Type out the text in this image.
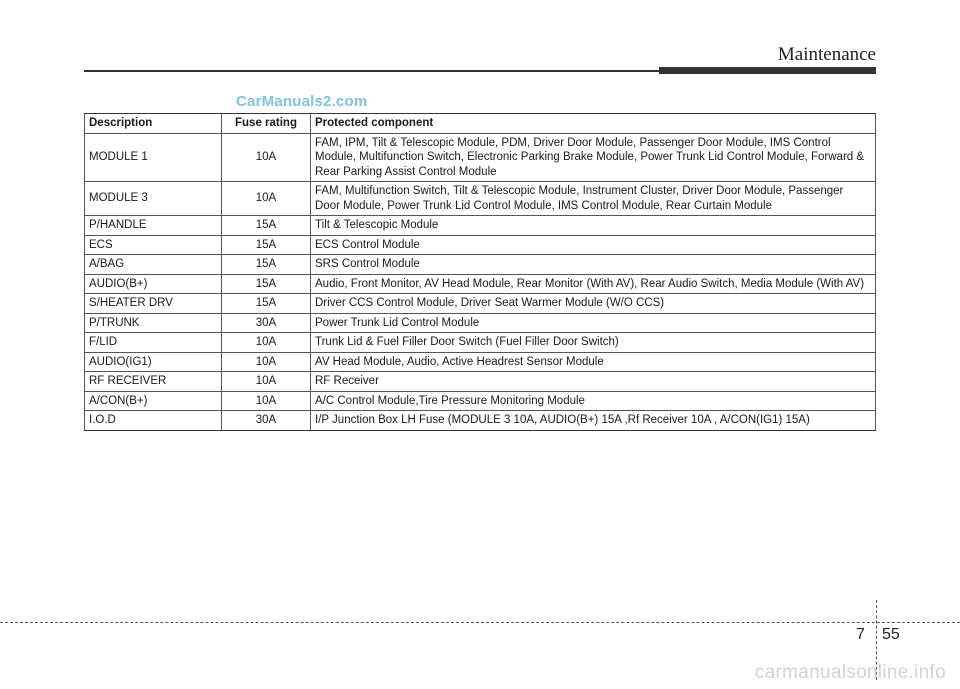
Maintenance
CarManuals2.com
Description	Fuse rating	Protected component
MODULE 1	10A	FAM, IPM, Tilt & Telescopic Module, PDM, Driver Door Module, Passenger Door Module, IMS Control Module, Multifunction Switch, Electronic Parking Brake Module, Power Trunk Lid Control Module, Forward & Rear Parking Assist Control Module
MODULE 3	10A	FAM, Multifunction Switch, Tilt & Telescopic Module, Instrument Cluster, Driver Door Module, Passenger Door Module, Power Trunk Lid Control Module, IMS Control Module, Rear Curtain Module
P/HANDLE	15A	Tilt & Telescopic Module
ECS	15A	ECS Control Module
A/BAG	15A	SRS Control Module
AUDIO(B+)	15A	Audio, Front Monitor, AV Head Module, Rear Monitor (With AV), Rear Audio Switch, Media Module (With AV)
S/HEATER DRV	15A	Driver CCS Control Module, Driver Seat Warmer Module (W/O CCS)
P/TRUNK	30A	Power Trunk Lid Control Module
F/LID	10A	Trunk Lid & Fuel Filler Door Switch (Fuel Filler Door Switch)
AUDIO(IG1)	10A	AV Head Module, Audio, Active Headrest Sensor Module
RF RECEIVER	10A	RF Receiver
A/CON(B+)	10A	A/C Control Module,Tire Pressure Monitoring Module
I.O.D	30A	I/P Junction Box LH Fuse (MODULE 3 10A, AUDIO(B+) 15A ,Rf Receiver 10A , A/CON(IG1) 15A)
7 55
carmanualsonline.info
